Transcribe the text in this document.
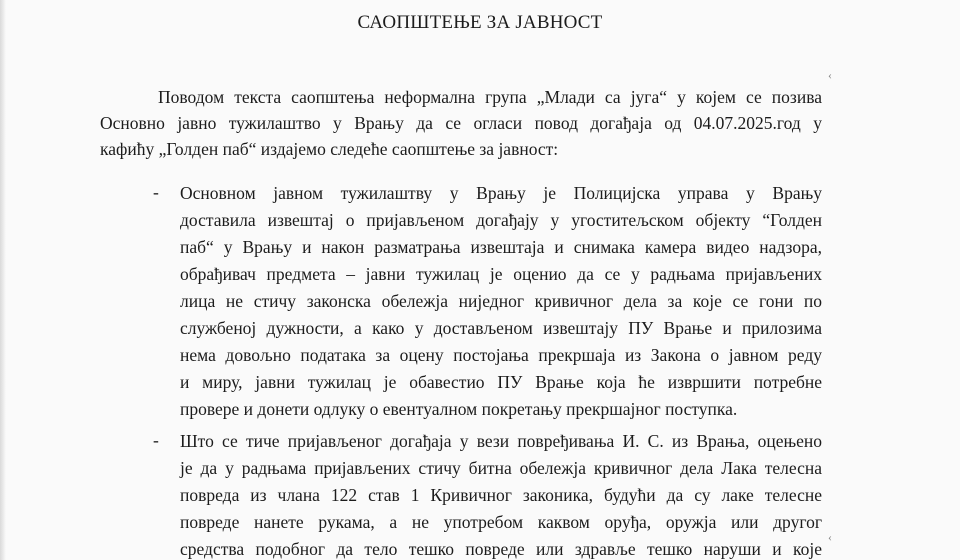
САОПШТЕЊЕ ЗА ЈАВНОСТ
‹
Поводом текста саопштења неформална група „Млади са југа“ у којем се позива
Основно јавно тужилаштво у Врању да се огласи повод догађаја од 04.07.2025.год у
кафићу „Голден паб“ издајемо следеће саопштење за јавност:
- Основном јавном тужилаштву у Врању је Полицијска управа у Врању
доставила извештај о пријављеном догађају у угоститељском објекту “Голден
паб“ у Врању и након разматрања извештаја и снимака камера видео надзора,
обрађивач предмета – јавни тужилац је оценио да се у радњама пријављених
лица не стичу законска обележја ниједног кривичног дела за које се гони по
службеној дужности, а како у достављеном извештају ПУ Врање и прилозима
нема довољно података за оцену постојања прекршаја из Закона о јавном реду
и миру, јавни тужилац је обавестио ПУ Врање која ће извршити потребне
провере и донети одлуку о евентуалном покретању прекршајног поступка.
- Што се тиче пријављеног догађаја у вези повређивања И. С. из Врања, оцењено
је да у радњама пријављених стичу битна обележја кривичног дела Лака телесна
повреда из члана 122 став 1 Кривичног законика, будући да су лаке телесне
повреде нанете рукама, а не употребом каквом оруђа, оружја или другог
средства подобног да тело тешко повреде или здравље тешко наруши и које
‹
